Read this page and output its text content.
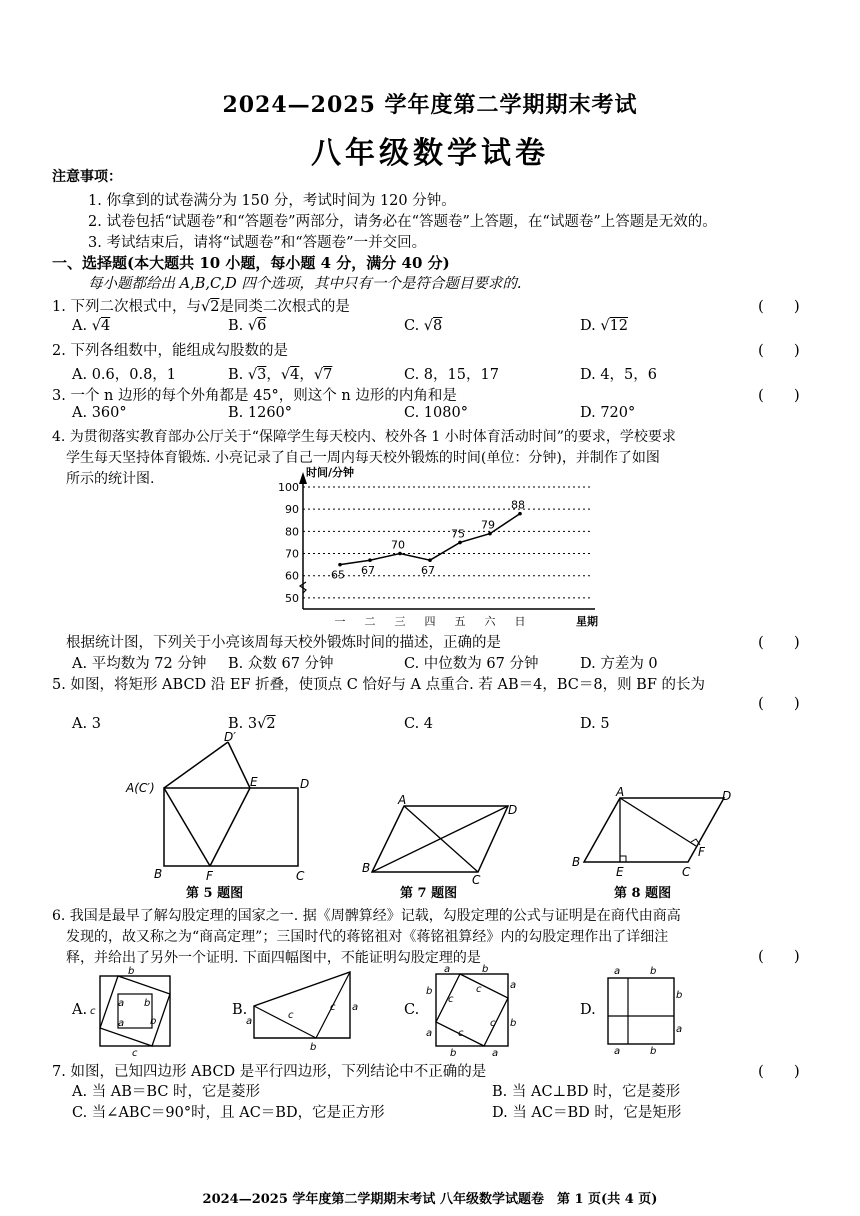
2024—2025 学年度第二学期期末考试
八年级数学试卷
注意事项：
1. 你拿到的试卷满分为 150 分，考试时间为 120 分钟。
2. 试卷包括“试题卷”和“答题卷”两部分，请务必在“答题卷”上答题，在“试题卷”上答题是无效的。
3. 考试结束后，请将“试题卷”和“答题卷”一并交回。
一、选择题(本大题共 10 小题，每小题 4 分，满分 40 分)
每小题都给出 A,B,C,D 四个选项，其中只有一个是符合题目要求的.
1. 下列二次根式中，与√2是同类二次根式的是	(　　)
A. √4	B. √6	C. √8	D. √12
2. 下列各组数中，能组成勾股数的是	(　　)
A. 0.6，0.8，1	B. √3，√4，√7	C. 8，15，17	D. 4，5，6
3. 一个 n 边形的每个外角都是 45°，则这个 n 边形的内角和是	(　　)
A. 360°	B. 1260°	C. 1080°	D. 720°
4. 为贯彻落实教育部办公厅关于“保障学生每天校内、校外各 1 小时体育活动时间”的要求，学校要求
学生每天坚持体育锻炼. 小亮记录了自己一周内每天校外锻炼的时间(单位：分钟)，并制作了如图
所示的统计图.	时间/分钟
星期
50
60
70
80
90
100
一 二 三 四 五 六 日
65 67
70
67
75
79
88
根据统计图，下列关于小亮该周每天校外锻炼时间的描述，正确的是	(　　)
A. 平均数为 72 分钟 B. 众数 67 分钟	C. 中位数为 67 分钟	D. 方差为 0
5. 如图，将矩形 ABCD 沿 EF 折叠，使顶点 C 恰好与 A 点重合. 若 AB＝4，BC＝8，则 BF 的长为
(　　)
A. 3	B. 3√2	C. 4	D. 5
A(C′)
D′
E	D
B	F	C
第 5 题图
A
D
B
C
第 7 题图
A	D
B
E	C
F
第 8 题图
6. 我国是最早了解勾股定理的国家之一. 据《周髀算经》记载，勾股定理的公式与证明是在商代由商高
发现的，故又称之为“商高定理”；三国时代的蒋铭祖对《蒋铭祖算经》内的勾股定理作出了详细注
释，并给出了另外一个证明. 下面四幅图中，不能证明勾股定理的是	(　　)
A. c
b
c
a b
a	b
B.
a
c
c
b
a	C.
a	b
b
a
a
b
b	a
c
c
c
c
D.
a	b
b
a
a	b
7. 如图，已知四边形 ABCD 是平行四边形，下列结论中不正确的是	(　　)
A. 当 AB＝BC 时，它是菱形	B. 当 AC⊥BD 时，它是菱形
C. 当∠ABC＝90°时，且 AC＝BD，它是正方形	D. 当 AC＝BD 时，它是矩形
2024—2025 学年度第二学期期末考试 八年级数学试题卷　第 1 页(共 4 页)
